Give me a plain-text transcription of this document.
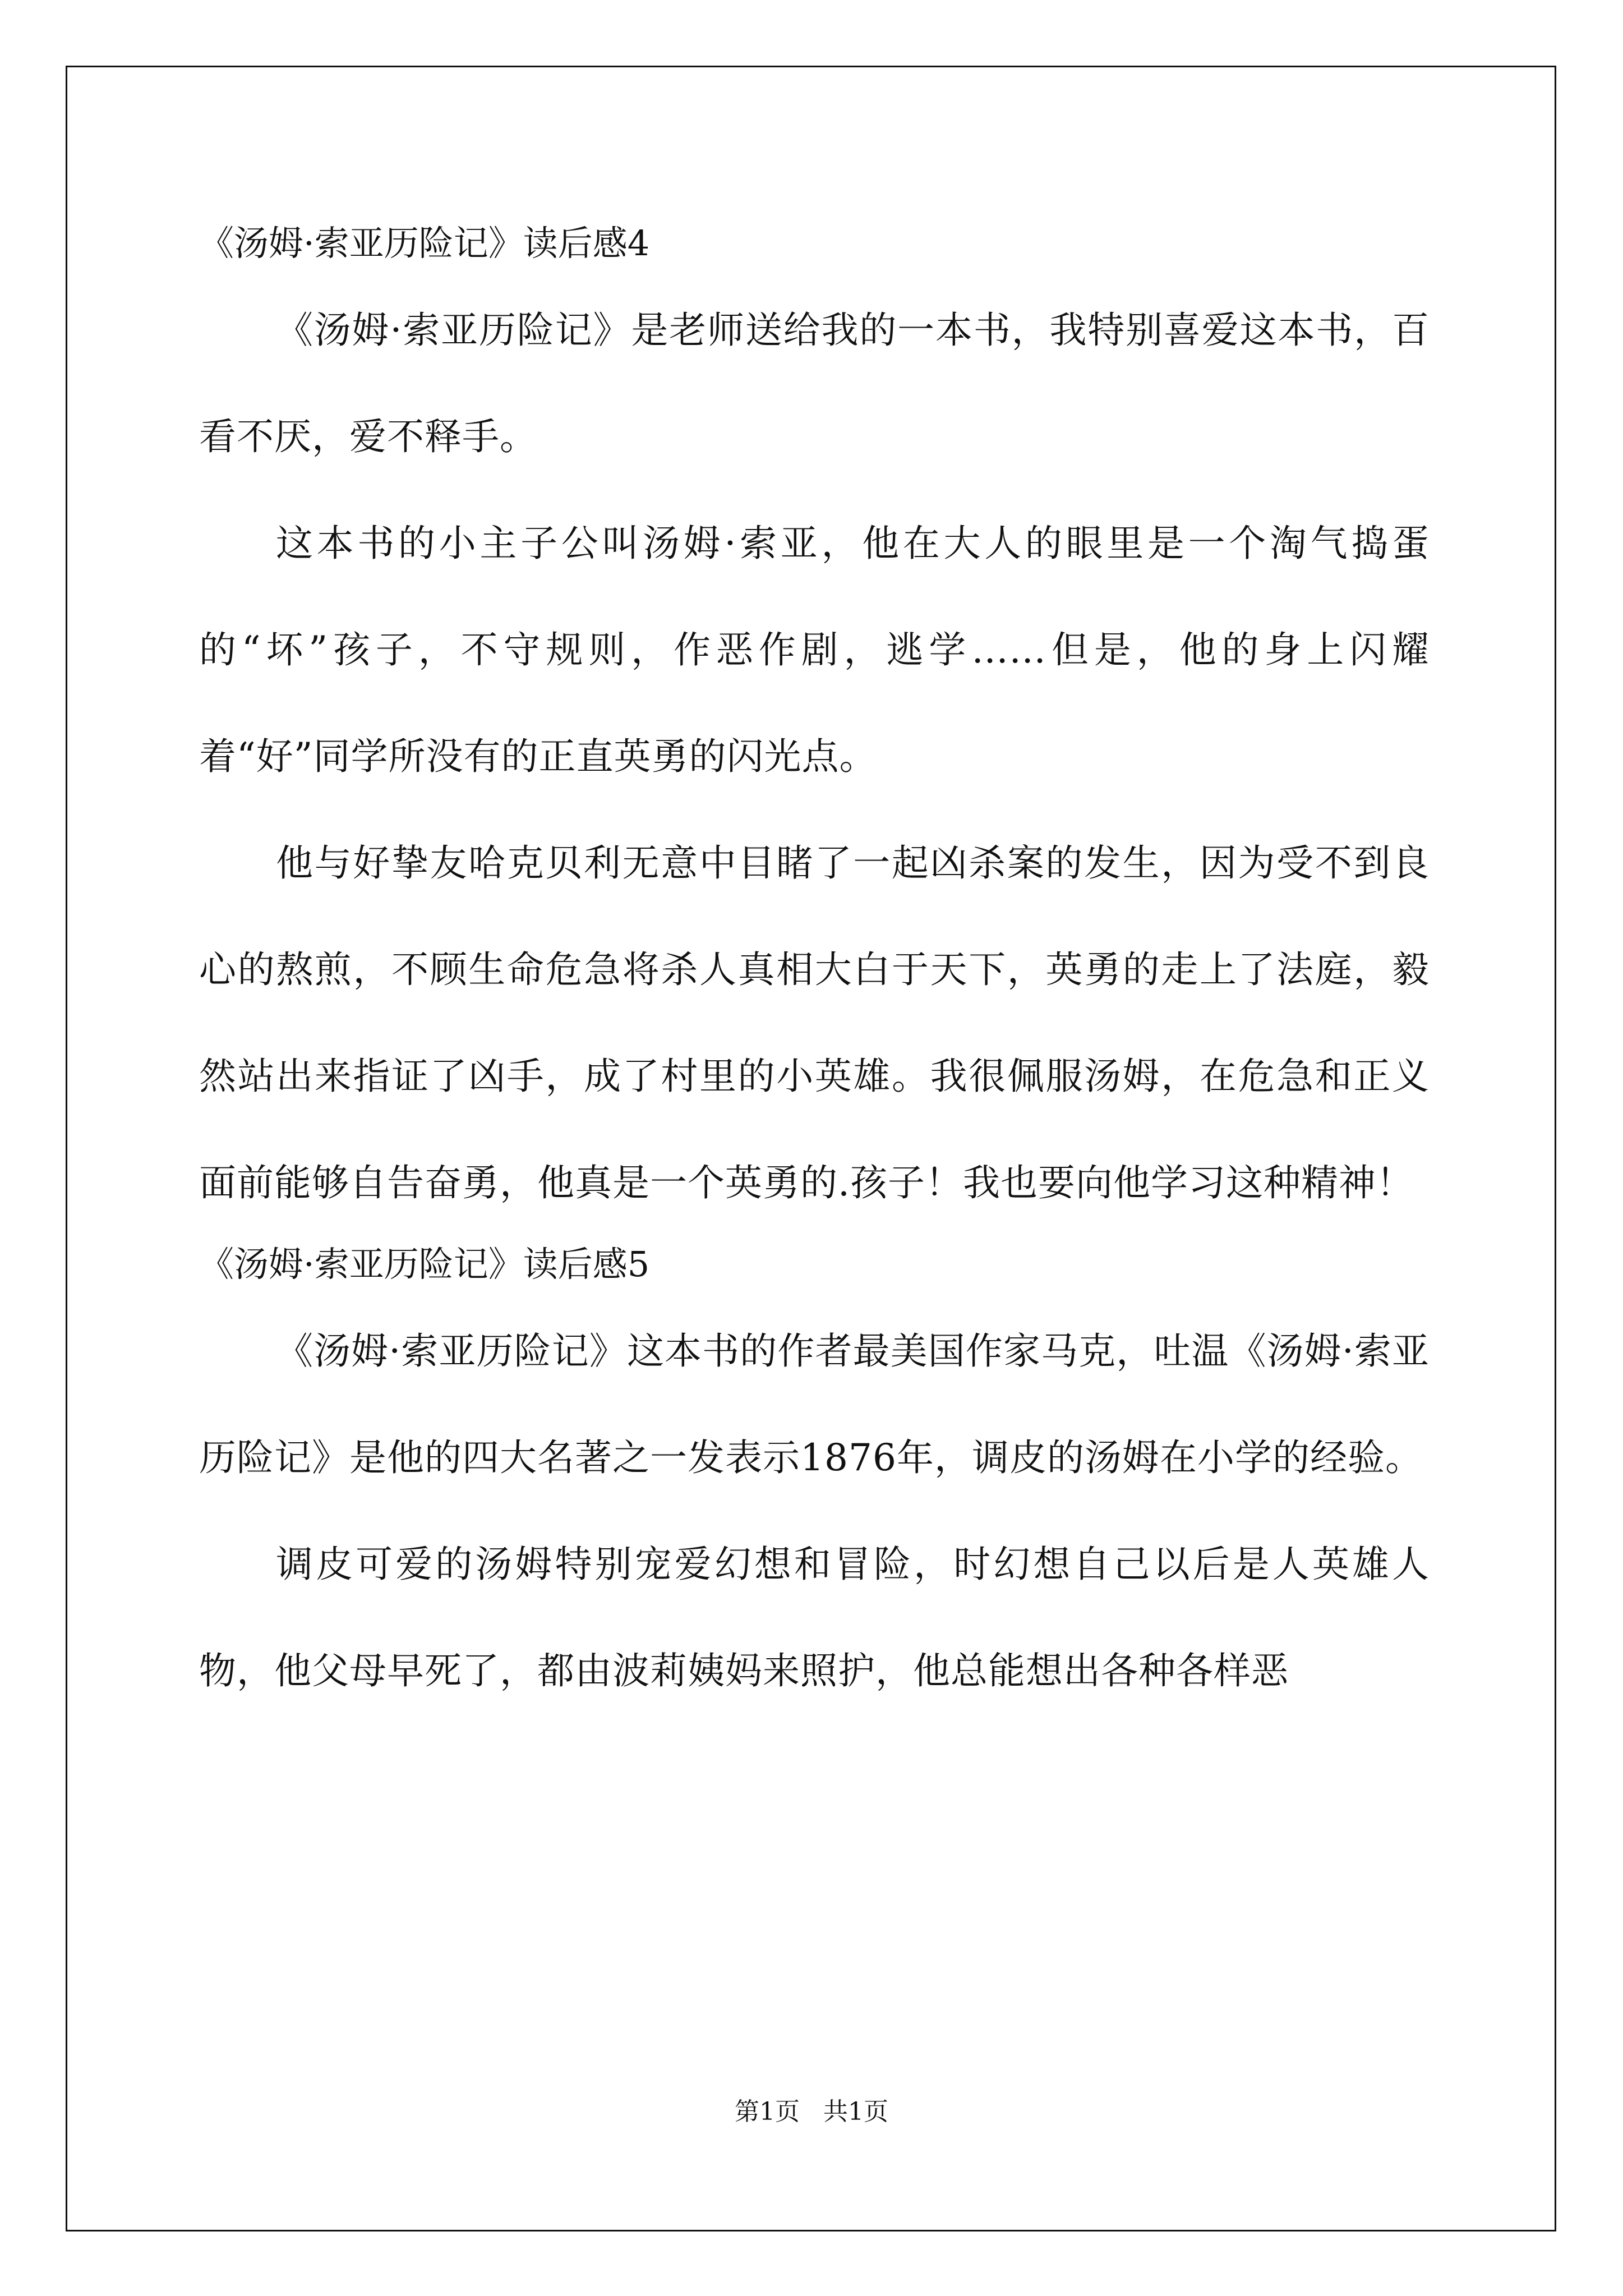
《汤姆·索亚历险记》读后感4

《汤姆·索亚历险记》是老师送给我的一本书，我特别喜爱这本书，百看不厌，爱不释手。

这本书的小主子公叫汤姆·索亚，他在大人的眼里是一个淘气捣蛋的“坏”孩子，不守规则，作恶作剧，逃学……但是，他的身上闪耀着“好”同学所没有的正直英勇的闪光点。

他与好挚友哈克贝利无意中目睹了一起凶杀案的发生，因为受不到良心的熬煎，不顾生命危急将杀人真相大白于天下，英勇的走上了法庭，毅然站出来指证了凶手，成了村里的小英雄。我很佩服汤姆，在危急和正义面前能够自告奋勇，他真是一个英勇的.孩子！我也要向他学习这种精神！

《汤姆·索亚历险记》读后感5

《汤姆·索亚历险记》这本书的作者最美国作家马克，吐温《汤姆·索亚历险记》是他的四大名著之一发表示1876年，调皮的汤姆在小学的经验。

调皮可爱的汤姆特别宠爱幻想和冒险，时幻想自己以后是人英雄人物，他父母早死了，都由波莉姨妈来照护，他总能想出各种各样恶

第1页 共1页
